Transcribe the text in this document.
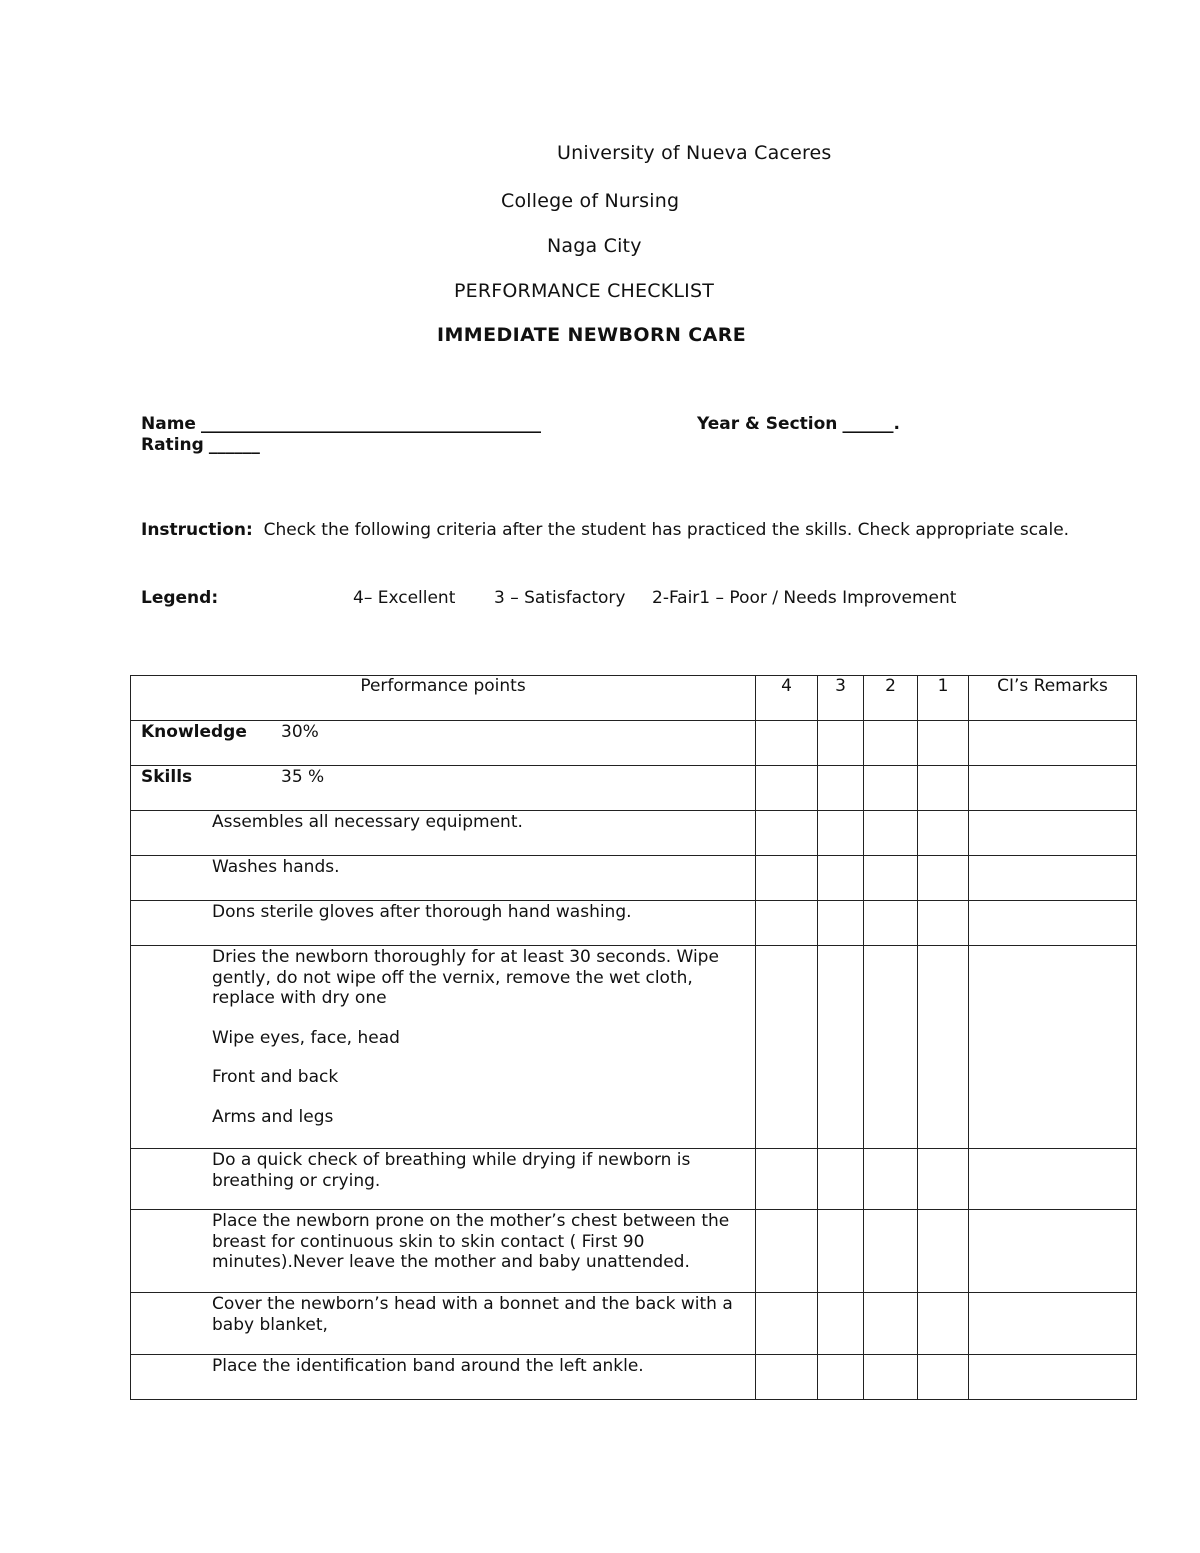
University of Nueva Caceres
College of Nursing
Naga City
PERFORMANCE CHECKLIST
IMMEDIATE NEWBORN CARE
Name ________________________________________	Year & Section ______.
Rating ______
Instruction: Check the following criteria after the student has practiced the skills. Check appropriate scale.
Legend:	4– Excellent 3 – Satisfactory 2-Fair1 – Poor / Needs Improvement
Performance points	4	3	2	1	CI’s Remarks
Knowledge 30%					
Skills 35 %					

Assembles all necessary equipment.					

Washes hands.					

Dons sterile gloves after thorough hand washing.					

Dries the newborn thoroughly for at least 30 seconds. Wipe gently, do not wipe off the vernix, remove the wet cloth, replace with dry one
Wipe eyes, face, head
Front and back
Arms and legs					

Do a quick check of breathing while drying if newborn is breathing or crying.					

Place the newborn prone on the mother’s chest between the breast for continuous skin to skin contact ( First 90 minutes).Never leave the mother and baby unattended.					

Cover the newborn’s head with a bonnet and the back with a baby blanket,					

Place the identification band around the left ankle.					
